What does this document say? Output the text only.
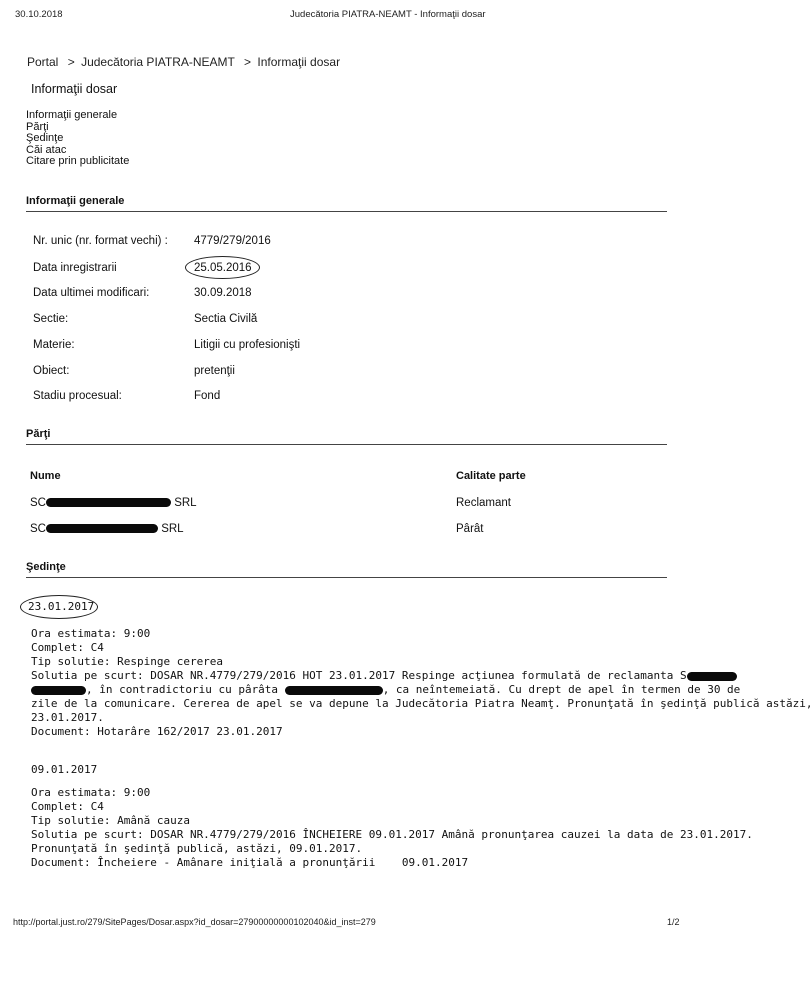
30.10.2018	Judecătoria PIATRA-NEAMT - Informaţii dosar
Portal > Judecătoria PIATRA-NEAMT > Informaţii dosar
Informaţii dosar
Informaţii generale
Părţi
Şedinţe
Căi atac
Citare prin publicitate
Informaţii generale
Nr. unic (nr. format vechi) : 4779/279/2016
Data inregistrarii	25.05.2016
Data ultimei modificari:	30.09.2018
Sectie:	Sectia Civilă
Materie:	Litigii cu profesionişti
Obiect:	pretenţii
Stadiu procesual:	Fond
Părţi
Nume	Calitate parte
SC	SRL	Reclamant
SC	SRL	Pârât
Şedinţe
23.01.2017
Ora estimata: 9:00
Complet: C4
Tip solutie: Respinge cererea
Solutia pe scurt: DOSAR NR.4779/279/2016 HOT 23.01.2017 Respinge acţiunea formulată de reclamanta S
, în contradictoriu cu pârâta	, ca neîntemeiată. Cu drept de apel în termen de 30 de
zile de la comunicare. Cererea de apel se va depune la Judecătoria Piatra Neamţ. Pronunţată în şedinţă publică astăzi,
23.01.2017.
Document: Hotarâre 162/2017 23.01.2017
09.01.2017
Ora estimata: 9:00
Complet: C4
Tip solutie: Amână cauza
Solutia pe scurt: DOSAR NR.4779/279/2016 ÎNCHEIERE 09.01.2017 Amână pronunţarea cauzei la data de 23.01.2017.
Pronunţată în şedinţă publică, astăzi, 09.01.2017.
Document: Încheiere - Amânare iniţială a pronunţării    09.01.2017
http://portal.just.ro/279/SitePages/Dosar.aspx?id_dosar=27900000000102040&id_inst=279	1/2
